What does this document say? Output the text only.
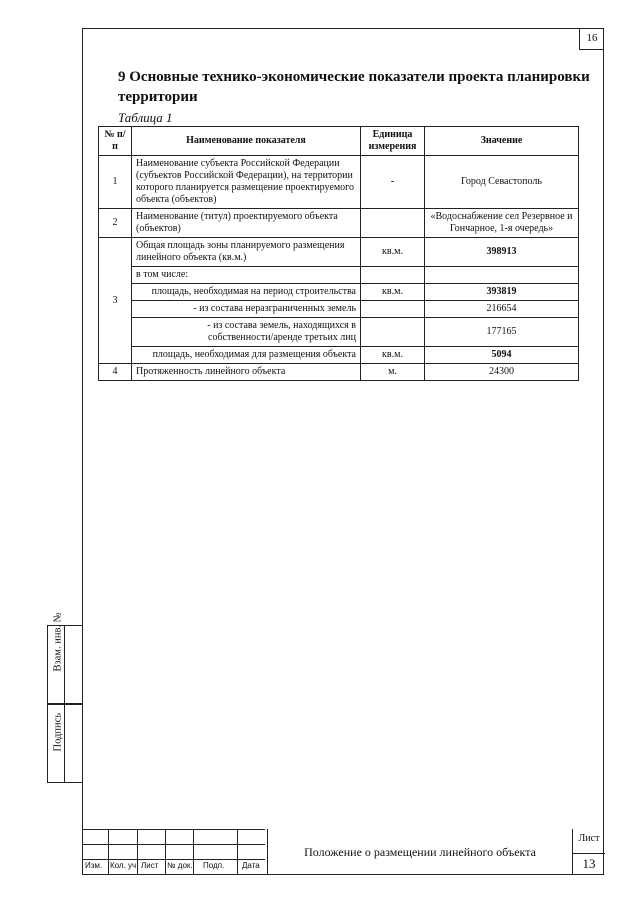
16
Взам. инв. №
Подпись
9 Основные технико-экономические показатели проекта планировки территории
Таблица 1
№ п/п	Наименование показателя	Единица измерения	Значение
1	Наименование субъекта Российской Федерации (субъектов Российской Федерации), на территории которого планируется размещение проектируемого объекта (объектов)	-	Город Севастополь
2	Наименование (титул) проектируемого объекта (объектов)		«Водоснабжение сел Резервное и Гончарное, 1-я очередь»
3	Общая площадь зоны планируемого размещения линейного объекта (кв.м.)	кв.м.	398913
	в том числе:		
	площадь, необходимая на период строительства	кв.м.	393819
	- из состава неразграниченных земель		216654
	- из состава земель, находящихся в собственности/аренде третьих лиц		177165
	площадь, необходимая для размещения объекта	кв.м.	5094
4	Протяженность линейного объекта	м.	24300
Изм. Кол. уч Лист № док. Подп. Дата
Положение о размещении линейного объекта
Лист
13
